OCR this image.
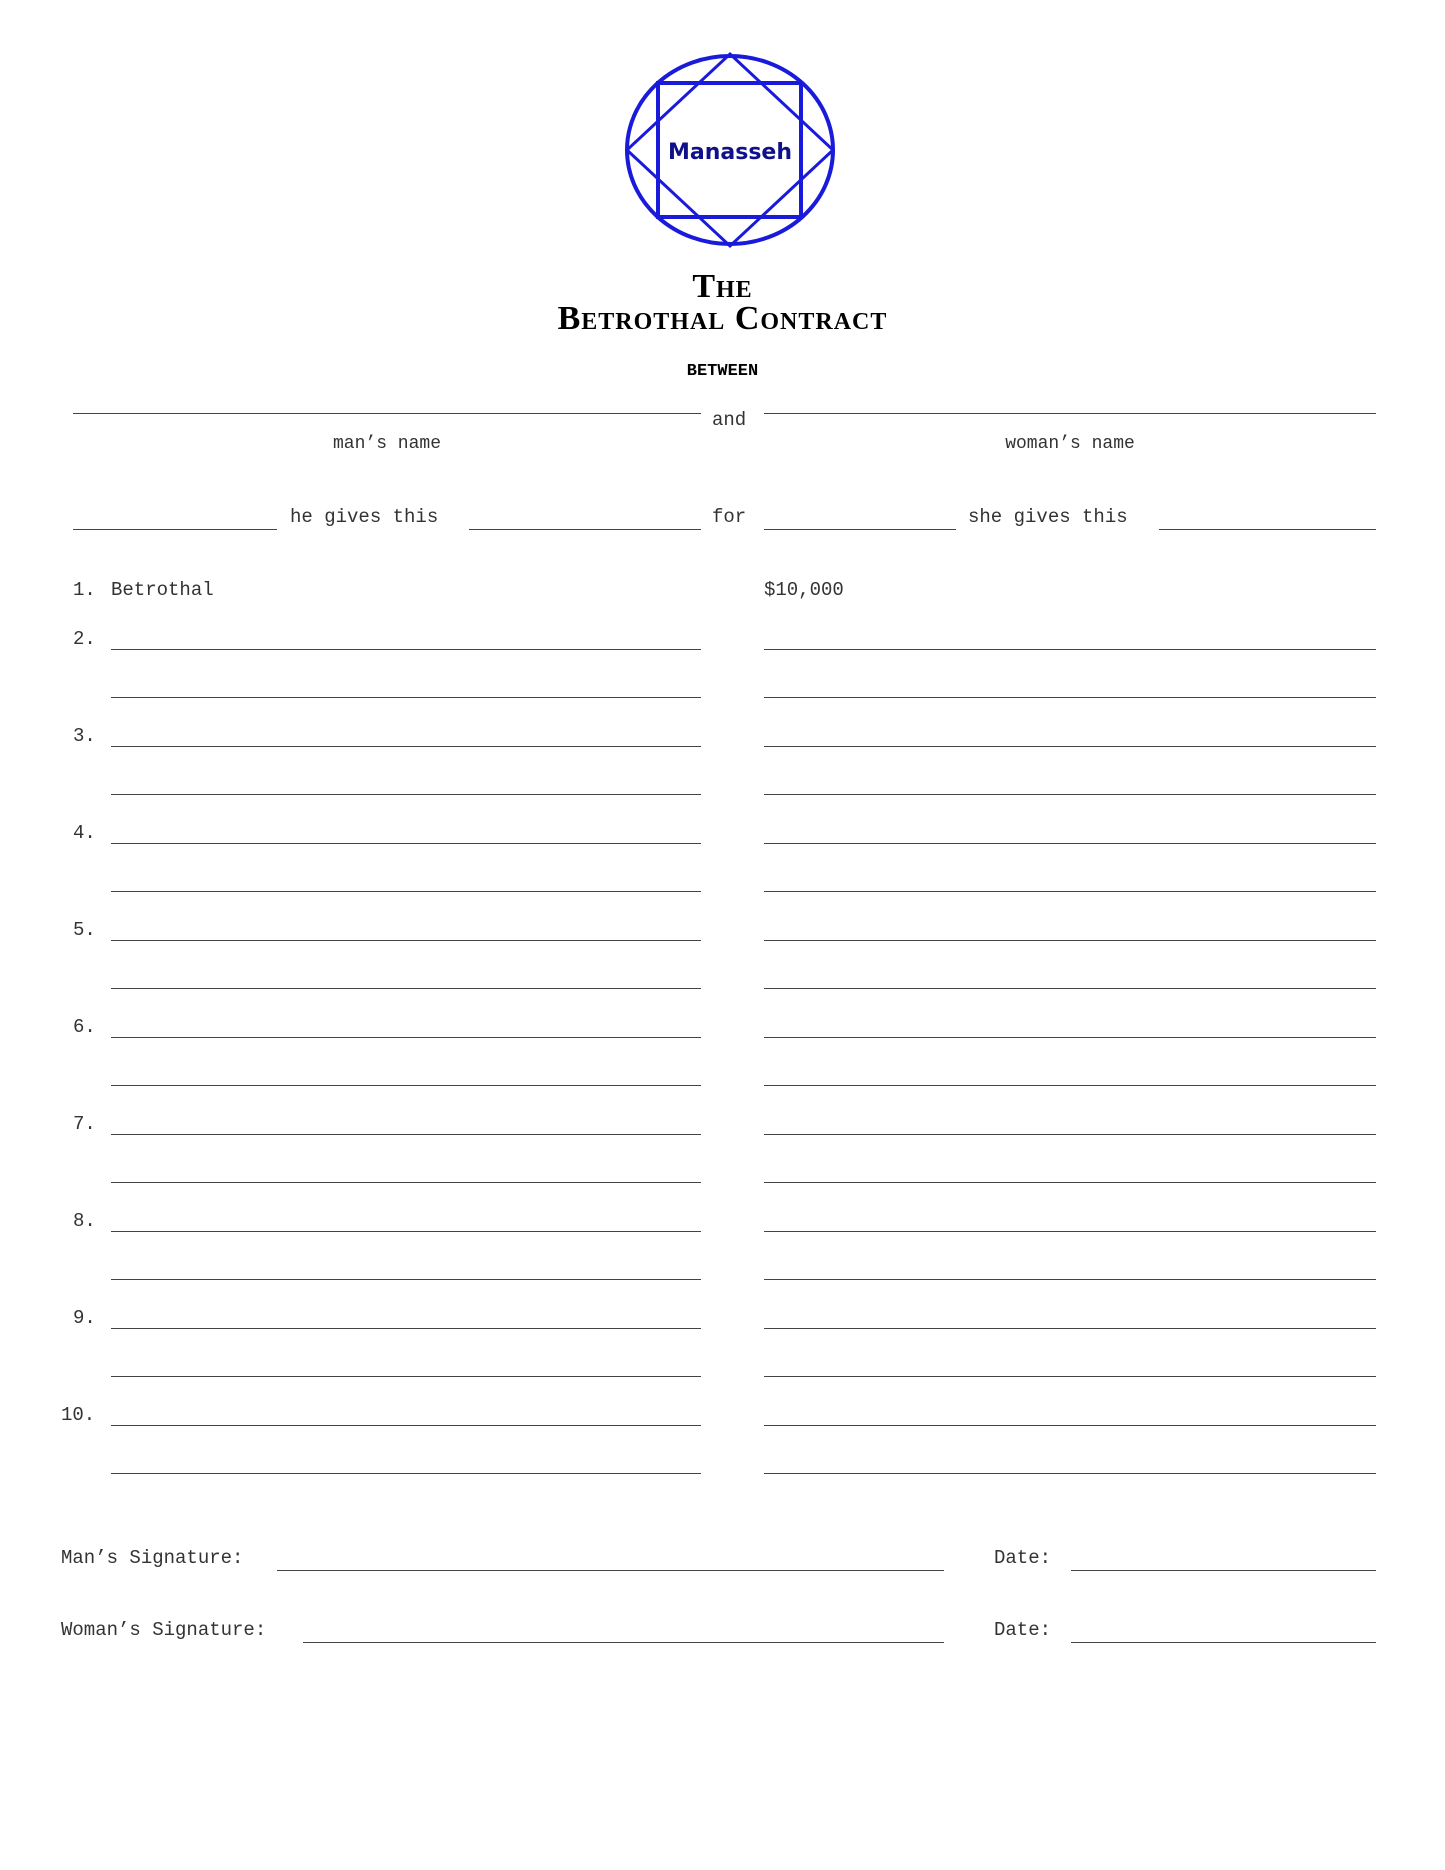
Manasseh
The
Betrothal Contract
BETWEEN
and
man’s name	woman’s name
he gives this	for	she gives this
1. Betrothal	$10,000
2.
3.
4.
5.
6.
7.
8.
9.
10.
Man’s Signature:	Date:
Woman’s Signature:	Date:
